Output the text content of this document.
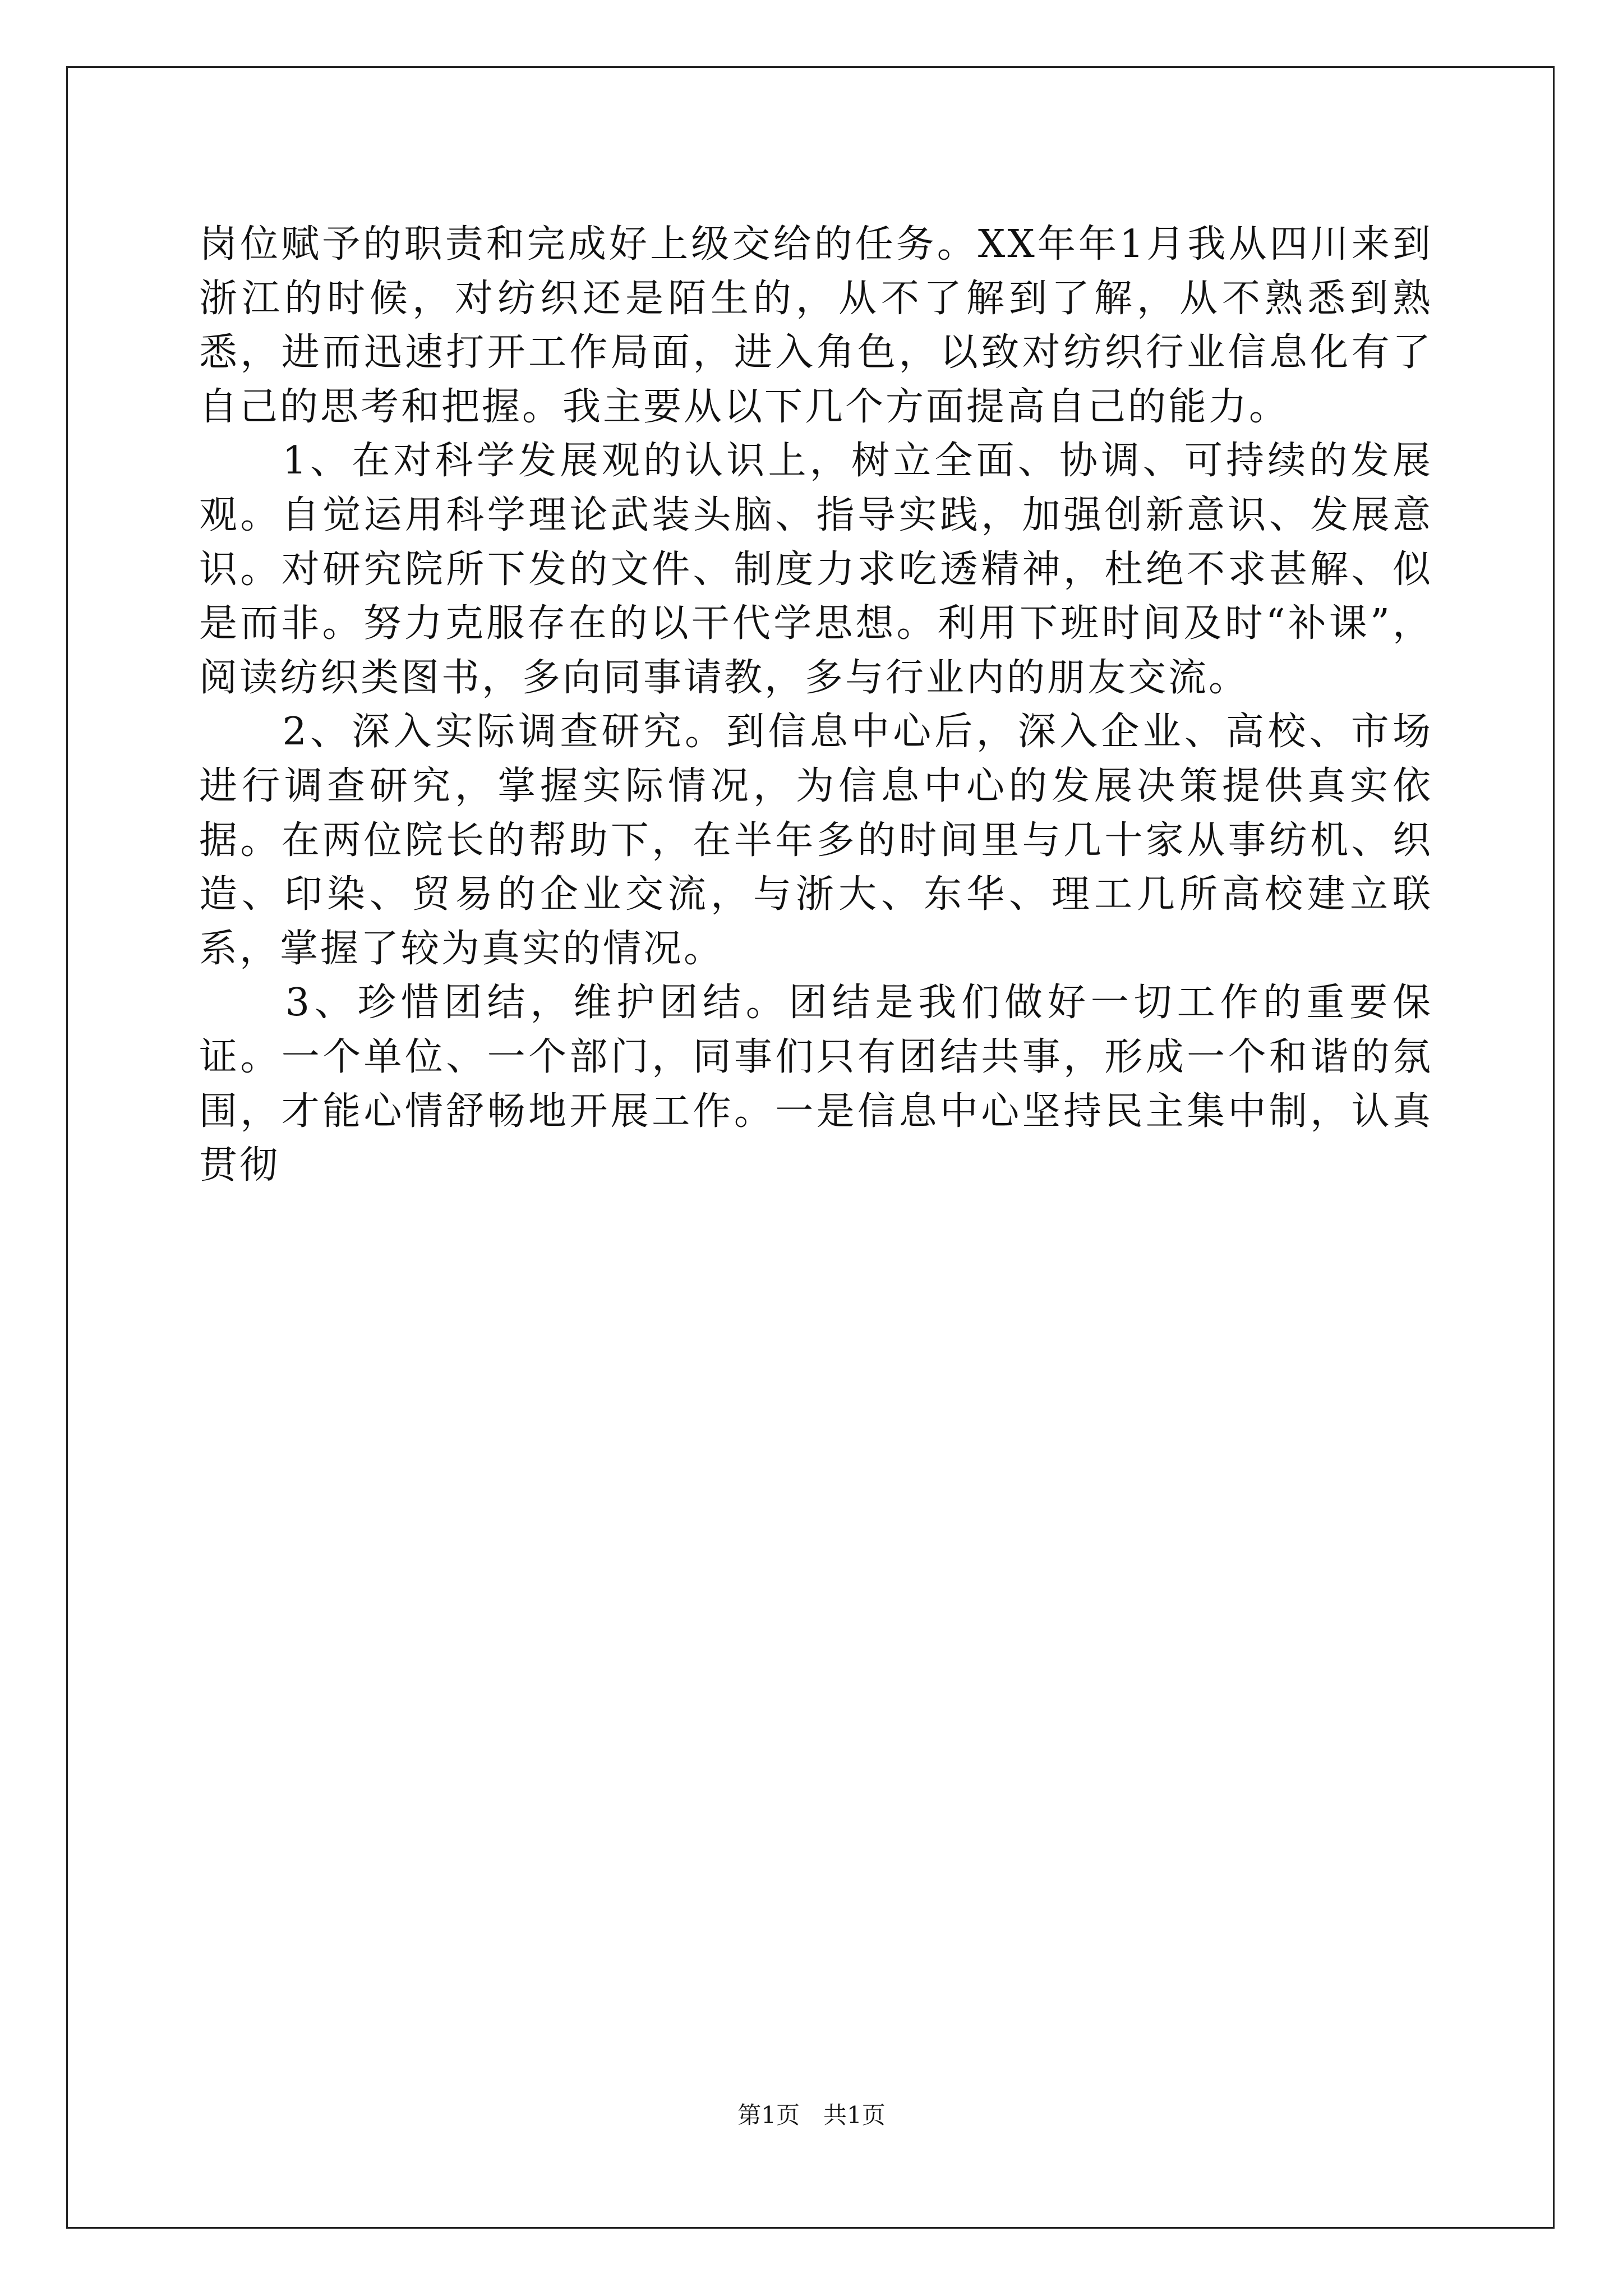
岗位赋予的职责和完成好上级交给的任务。XX年年1月我从四川来到浙江的时候，对纺织还是陌生的，从不了解到了解，从不熟悉到熟悉，进而迅速打开工作局面，进入角色，以致对纺织行业信息化有了自己的思考和把握。我主要从以下几个方面提高自己的能力。

　　1、在对科学发展观的认识上，树立全面、协调、可持续的发展观。自觉运用科学理论武装头脑、指导实践，加强创新意识、发展意识。对研究院所下发的文件、制度力求吃透精神，杜绝不求甚解、似是而非。努力克服存在的以干代学思想。利用下班时间及时“补课”，阅读纺织类图书，多向同事请教，多与行业内的朋友交流。

　　2、深入实际调查研究。到信息中心后，深入企业、高校、市场进行调查研究，掌握实际情况，为信息中心的发展决策提供真实依据。在两位院长的帮助下，在半年多的时间里与几十家从事纺机、织造、印染、贸易的企业交流，与浙大、东华、理工几所高校建立联系，掌握了较为真实的情况。

　　3、珍惜团结，维护团结。团结是我们做好一切工作的重要保证。一个单位、一个部门，同事们只有团结共事，形成一个和谐的氛围，才能心情舒畅地开展工作。一是信息中心坚持民主集中制，认真贯彻

第1页　共1页
